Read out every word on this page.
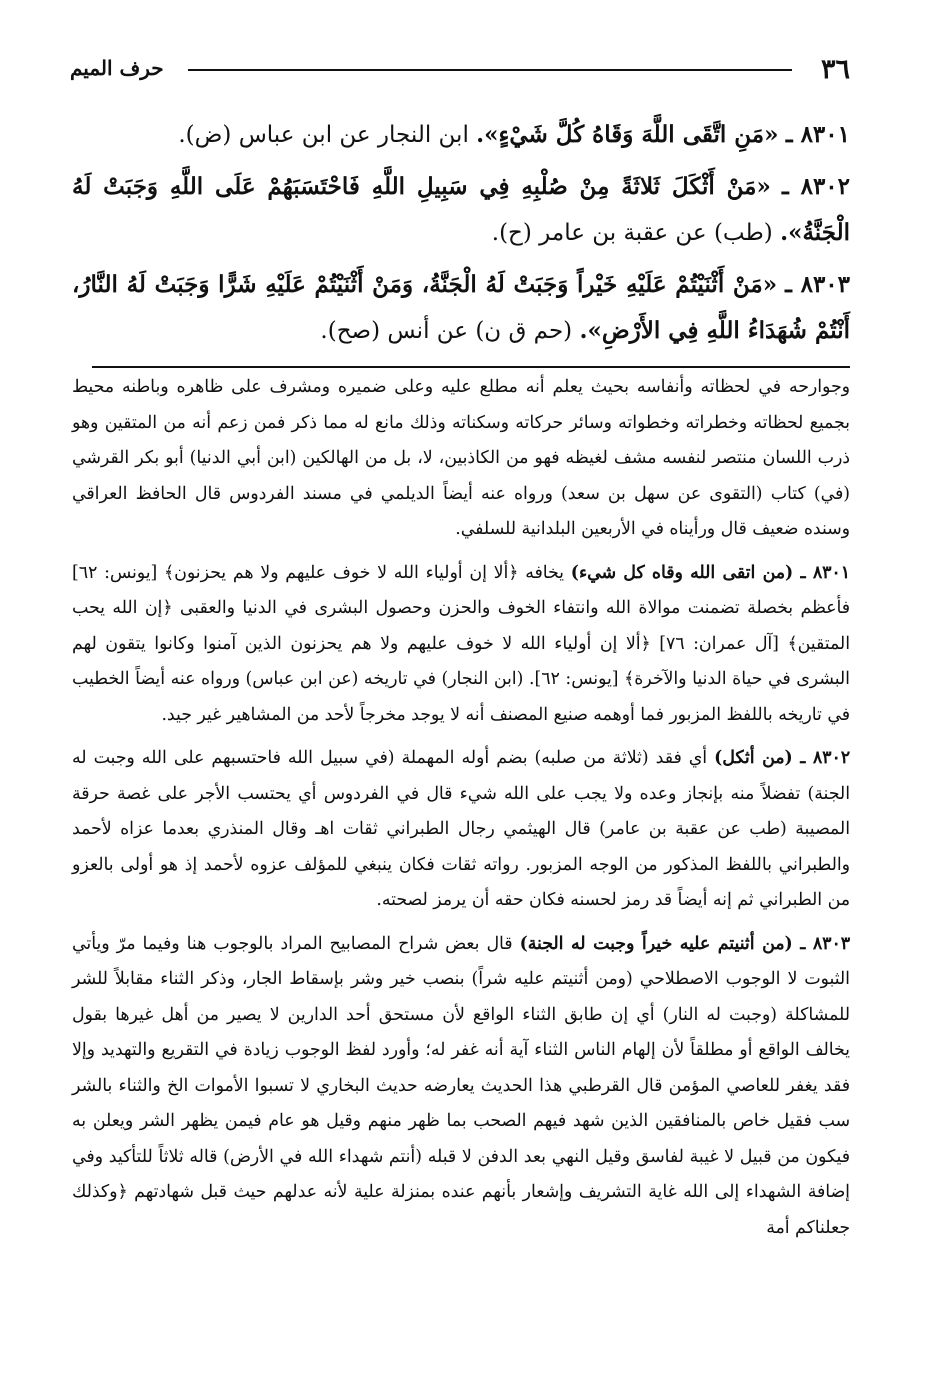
٣٦
حرف الميم

٨٣٠١ ـ «مَنِ اتَّقَى اللَّهَ وَقَاهُ كُلَّ شَيْءٍ». ابن النجار عن ابن عباس (ض).

٨٣٠٢ ـ «مَنْ أَثْكَلَ ثَلاثَةً مِنْ صُلْبِهِ فِي سَبِيلِ اللَّهِ فَاحْتَسَبَهُمْ عَلَى اللَّهِ وَجَبَتْ لَهُ الْجَنَّةُ». (طب) عن عقبة بن عامر (ح).

٨٣٠٣ ـ «مَنْ أَثْنَيْتُمْ عَلَيْهِ خَيْراً وَجَبَتْ لَهُ الْجَنَّةُ، وَمَنْ أَثْنَيْتُمْ عَلَيْهِ شَرًّا وَجَبَتْ لَهُ النَّارُ، أَنْتُمْ شُهَدَاءُ اللَّهِ فِي الأَرْضِ». (حم ق ن) عن أنس (صح).

وجوارحه في لحظاته وأنفاسه بحيث يعلم أنه مطلع عليه وعلى ضميره ومشرف على ظاهره وباطنه محيط بجميع لحظاته وخطراته وخطواته وسائر حركاته وسكناته وذلك مانع له مما ذكر فمن زعم أنه من المتقين وهو ذرب اللسان منتصر لنفسه مشف لغيظه فهو من الكاذبين، لا، بل من الهالكين (ابن أبي الدنيا) أبو بكر القرشي (في) كتاب (التقوى عن سهل بن سعد) ورواه عنه أيضاً الديلمي في مسند الفردوس قال الحافظ العراقي وسنده ضعيف قال ورأيناه في الأربعين البلدانية للسلفي.

٨٣٠١ ـ (من اتقى الله وقاه كل شيء) يخافه ﴿ألا إن أولياء الله لا خوف عليهم ولا هم يحزنون﴾ [يونس: ٦٢] فأعظم بخصلة تضمنت موالاة الله وانتفاء الخوف والحزن وحصول البشرى في الدنيا والعقبى ﴿إن الله يحب المتقين﴾ [آل عمران: ٧٦] ﴿ألا إن أولياء الله لا خوف عليهم ولا هم يحزنون الذين آمنوا وكانوا يتقون لهم البشرى في حياة الدنيا والآخرة﴾ [يونس: ٦٢]. (ابن النجار) في تاريخه (عن ابن عباس) ورواه عنه أيضاً الخطيب في تاريخه باللفظ المزبور فما أوهمه صنيع المصنف أنه لا يوجد مخرجاً لأحد من المشاهير غير جيد.

٨٣٠٢ ـ (من أثكل) أي فقد (ثلاثة من صلبه) بضم أوله المهملة (في سبيل الله فاحتسبهم على الله وجبت له الجنة) تفضلاً منه بإنجاز وعده ولا يجب على الله شيء قال في الفردوس أي يحتسب الأجر على غصة حرقة المصيبة (طب عن عقبة بن عامر) قال الهيثمي رجال الطبراني ثقات اهـ وقال المنذري بعدما عزاه لأحمد والطبراني باللفظ المذكور من الوجه المزبور. رواته ثقات فكان ينبغي للمؤلف عزوه لأحمد إذ هو أولى بالعزو من الطبراني ثم إنه أيضاً قد رمز لحسنه فكان حقه أن يرمز لصحته.

٨٣٠٣ ـ (من أثنيتم عليه خيراً وجبت له الجنة) قال بعض شراح المصابيح المراد بالوجوب هنا وفيما مرّ ويأتي الثبوت لا الوجوب الاصطلاحي (ومن أثنيتم عليه شراً) بنصب خير وشر بإسقاط الجار، وذكر الثناء مقابلاً للشر للمشاكلة (وجبت له النار) أي إن طابق الثناء الواقع لأن مستحق أحد الدارين لا يصير من أهل غيرها بقول يخالف الواقع أو مطلقاً لأن إلهام الناس الثناء آية أنه غفر له؛ وأورد لفظ الوجوب زيادة في التقريع والتهديد وإلا فقد يغفر للعاصي المؤمن قال القرطبي هذا الحديث يعارضه حديث البخاري لا تسبوا الأموات الخ والثناء بالشر سب فقيل خاص بالمنافقين الذين شهد فيهم الصحب بما ظهر منهم وقيل هو عام فيمن يظهر الشر ويعلن به فيكون من قبيل لا غيبة لفاسق وقيل النهي بعد الدفن لا قبله (أنتم شهداء الله في الأرض) قاله ثلاثاً للتأكيد وفي إضافة الشهداء إلى الله غاية التشريف وإشعار بأنهم عنده بمنزلة علية لأنه عدلهم حيث قبل شهادتهم ﴿وكذلك جعلناكم أمة
